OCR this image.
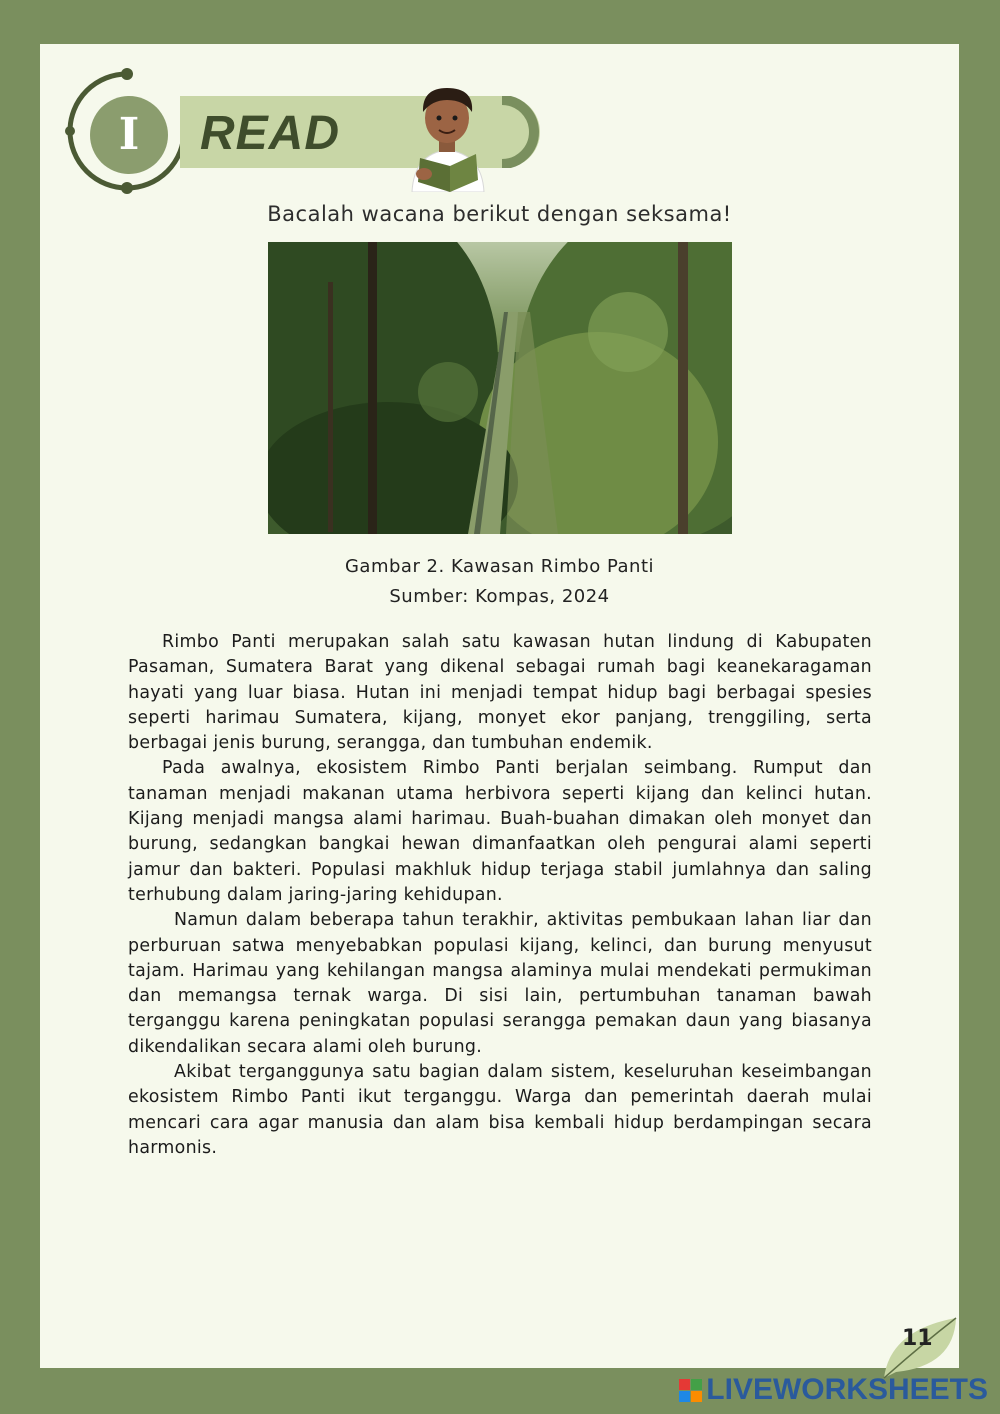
I	READ
Bacalah wacana berikut dengan seksama!
Gambar 2. Kawasan Rimbo Panti
Sumber: Kompas, 2024

Rimbo Panti merupakan salah satu kawasan hutan lindung di Kabupaten Pasaman, Sumatera Barat yang dikenal sebagai rumah bagi keanekaragaman hayati yang luar biasa. Hutan ini menjadi tempat hidup bagi berbagai spesies seperti harimau Sumatera, kijang, monyet ekor panjang, trenggiling, serta berbagai jenis burung, serangga, dan tumbuhan endemik.

Pada awalnya, ekosistem Rimbo Panti berjalan seimbang. Rumput dan tanaman menjadi makanan utama herbivora seperti kijang dan kelinci hutan. Kijang menjadi mangsa alami harimau. Buah-buahan dimakan oleh monyet dan burung, sedangkan bangkai hewan dimanfaatkan oleh pengurai alami seperti jamur dan bakteri. Populasi makhluk hidup terjaga stabil jumlahnya dan saling terhubung dalam jaring-jaring kehidupan.

Namun dalam beberapa tahun terakhir, aktivitas pembukaan lahan liar dan perburuan satwa menyebabkan populasi kijang, kelinci, dan burung menyusut tajam. Harimau yang kehilangan mangsa alaminya mulai mendekati permukiman dan memangsa ternak warga. Di sisi lain, pertumbuhan tanaman bawah terganggu karena peningkatan populasi serangga pemakan daun yang biasanya dikendalikan secara alami oleh burung.

Akibat terganggunya satu bagian dalam sistem, keseluruhan keseimbangan ekosistem Rimbo Panti ikut terganggu. Warga dan pemerintah daerah mulai mencari cara agar manusia dan alam bisa kembali hidup berdampingan secara harmonis.

11
LIVEWORKSHEETS
